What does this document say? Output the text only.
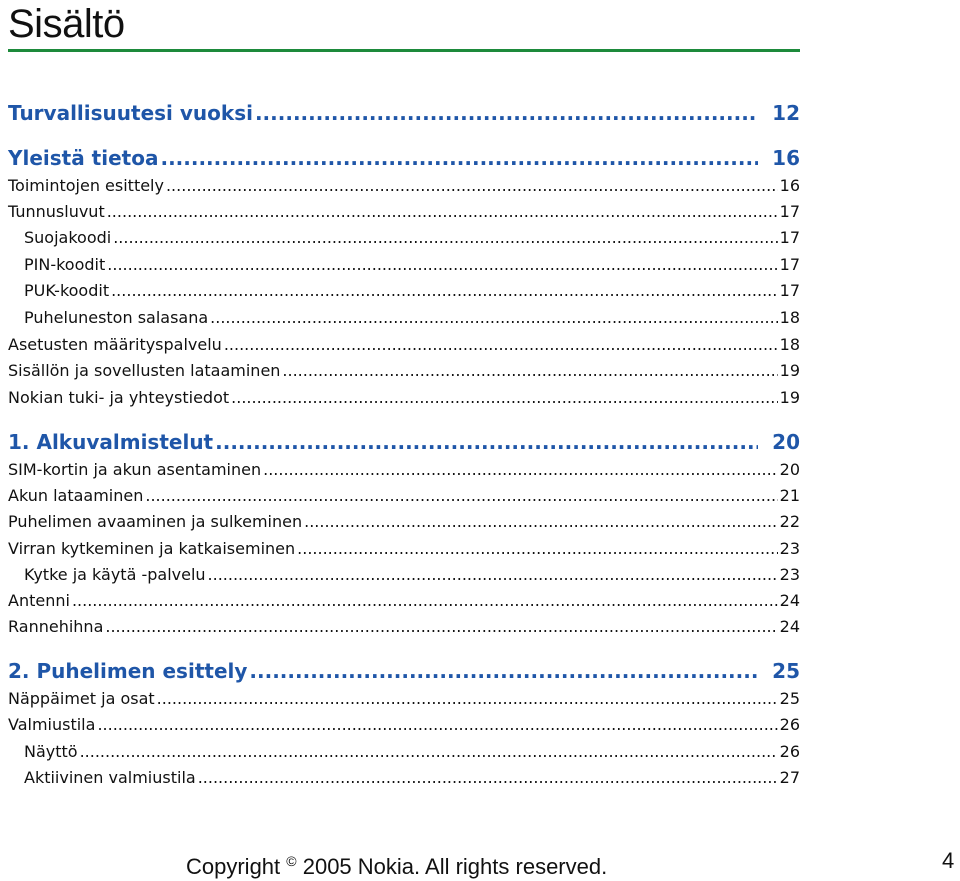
Sisältö
Turvallisuutesi vuoksi .....	12
Yleistä tietoa .....	16
Toimintojen esittely .....	16
Tunnusluvut .....	17
Suojakoodi .....	17
PIN-koodit .....	17
PUK-koodit .....	17
Puheluneston salasana .....	18
Asetusten määrityspalvelu .....	18
Sisällön ja sovellusten lataaminen .....	19
Nokian tuki- ja yhteystiedot .....	19
1. Alkuvalmistelut .....	20
SIM-kortin ja akun asentaminen .....	20
Akun lataaminen .....	21
Puhelimen avaaminen ja sulkeminen .....	22
Virran kytkeminen ja katkaiseminen .....	23
Kytke ja käytä -palvelu .....	23
Antenni .....	24
Rannehihna .....	24
2. Puhelimen esittely .....	25
Näppäimet ja osat .....	25
Valmiustila .....	26
Näyttö .....	26
Aktiivinen valmiustila .....	27
Copyright © 2005 Nokia. All rights reserved.	4
